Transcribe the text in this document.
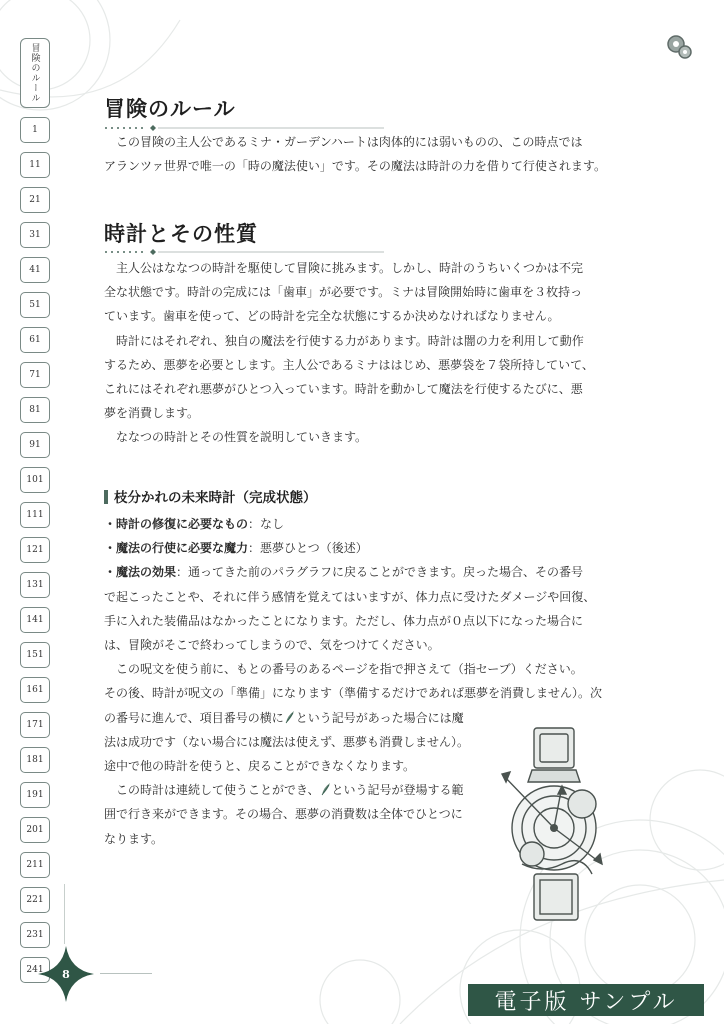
冒険のルール
1
11
21
31
41
51
61
71
81
91
101
111
121
131
141
151
161
171
181
191
201
211
221
231
241
冒険のルール

この冒険の主人公であるミナ・ガーデンハートは肉体的には弱いものの、この時点では

アランツァ世界で唯一の「時の魔法使い」です。その魔法は時計の力を借りて行使されます。

時計とその性質

主人公はななつの時計を駆使して冒険に挑みます。しかし、時計のうちいくつかは不完

全な状態です。時計の完成には「歯車」が必要です。ミナは冒険開始時に歯車を３枚持っ

ています。歯車を使って、どの時計を完全な状態にするか決めなければなりません。

時計にはそれぞれ、独自の魔法を行使する力があります。時計は闇の力を利用して動作

するため、悪夢を必要とします。主人公であるミナははじめ、悪夢袋を７袋所持していて、

これにはそれぞれ悪夢がひとつ入っています。時計を動かして魔法を行使するたびに、悪

夢を消費します。

ななつの時計とその性質を説明していきます。

枝分かれの未来時計（完成状態）

・時計の修復に必要なもの：なし

・魔法の行使に必要な魔力：悪夢ひとつ（後述）

・魔法の効果：通ってきた前のパラグラフに戻ることができます。戻った場合、その番号

で起こったことや、それに伴う感情を覚えてはいますが、体力点に受けたダメージや回復、

手に入れた装備品はなかったことになります。ただし、体力点が０点以下になった場合に

は、冒険がそこで終わってしまうので、気をつけてください。

この呪文を使う前に、もとの番号のあるページを指で押さえて（指セーブ）ください。

その後、時計が呪文の「準備」になります（準備するだけであれば悪夢を消費しません）。次

の番号に進んで、項目番号の横に という記号があった場合には魔

法は成功です（ない場合には魔法は使えず、悪夢も消費しません）。

途中で他の時計を使うと、戻ることができなくなります。

この時計は連続して使うことができ、 という記号が登場する範

囲で行き来ができます。その場合、悪夢の消費数は全体でひとつに

なります。

8
電子版 サンプル
